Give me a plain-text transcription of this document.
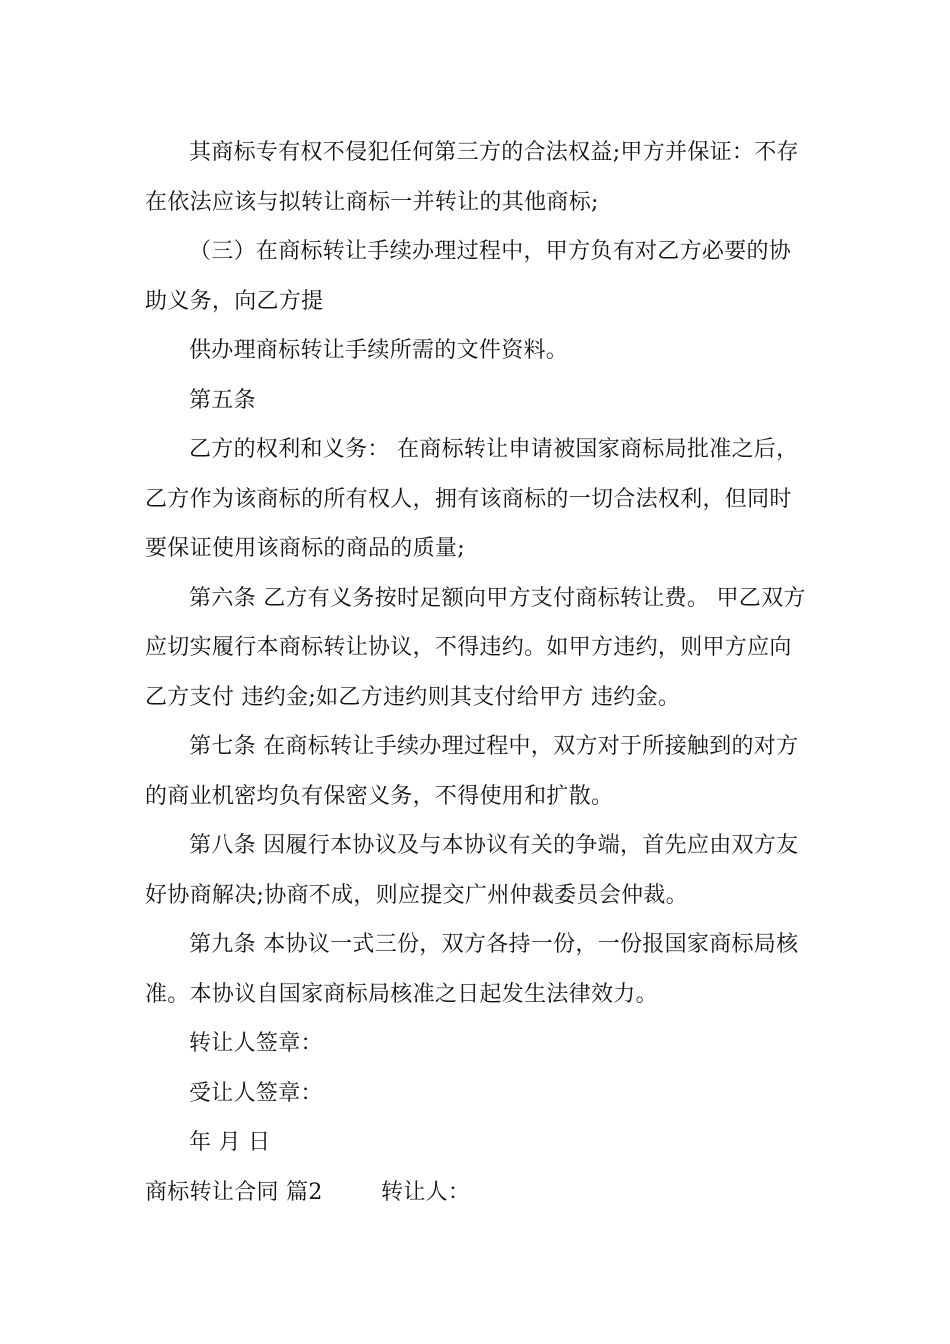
其商标专有权不侵犯任何第三方的合法权益;甲方并保证：不存在依法应该与拟转让商标一并转让的其他商标;

（三）在商标转让手续办理过程中，甲方负有对乙方必要的协助义务，向乙方提

供办理商标转让手续所需的文件资料。

第五条

乙方的权利和义务： 在商标转让申请被国家商标局批准之后，乙方作为该商标的所有权人，拥有该商标的一切合法权利，但同时要保证使用该商标的商品的质量;

第六条 乙方有义务按时足额向甲方支付商标转让费。 甲乙双方应切实履行本商标转让协议，不得违约。如甲方违约，则甲方应向乙方支付 违约金;如乙方违约则其支付给甲方 违约金。

第七条 在商标转让手续办理过程中，双方对于所接触到的对方的商业机密均负有保密义务，不得使用和扩散。

第八条 因履行本协议及与本协议有关的争端，首先应由双方友好协商解决;协商不成，则应提交广州仲裁委员会仲裁。

第九条 本协议一式三份，双方各持一份，一份报国家商标局核准。本协议自国家商标局核准之日起发生法律效力。

转让人签章：

受让人签章：

年 月 日

商标转让合同 篇2        转让人：
